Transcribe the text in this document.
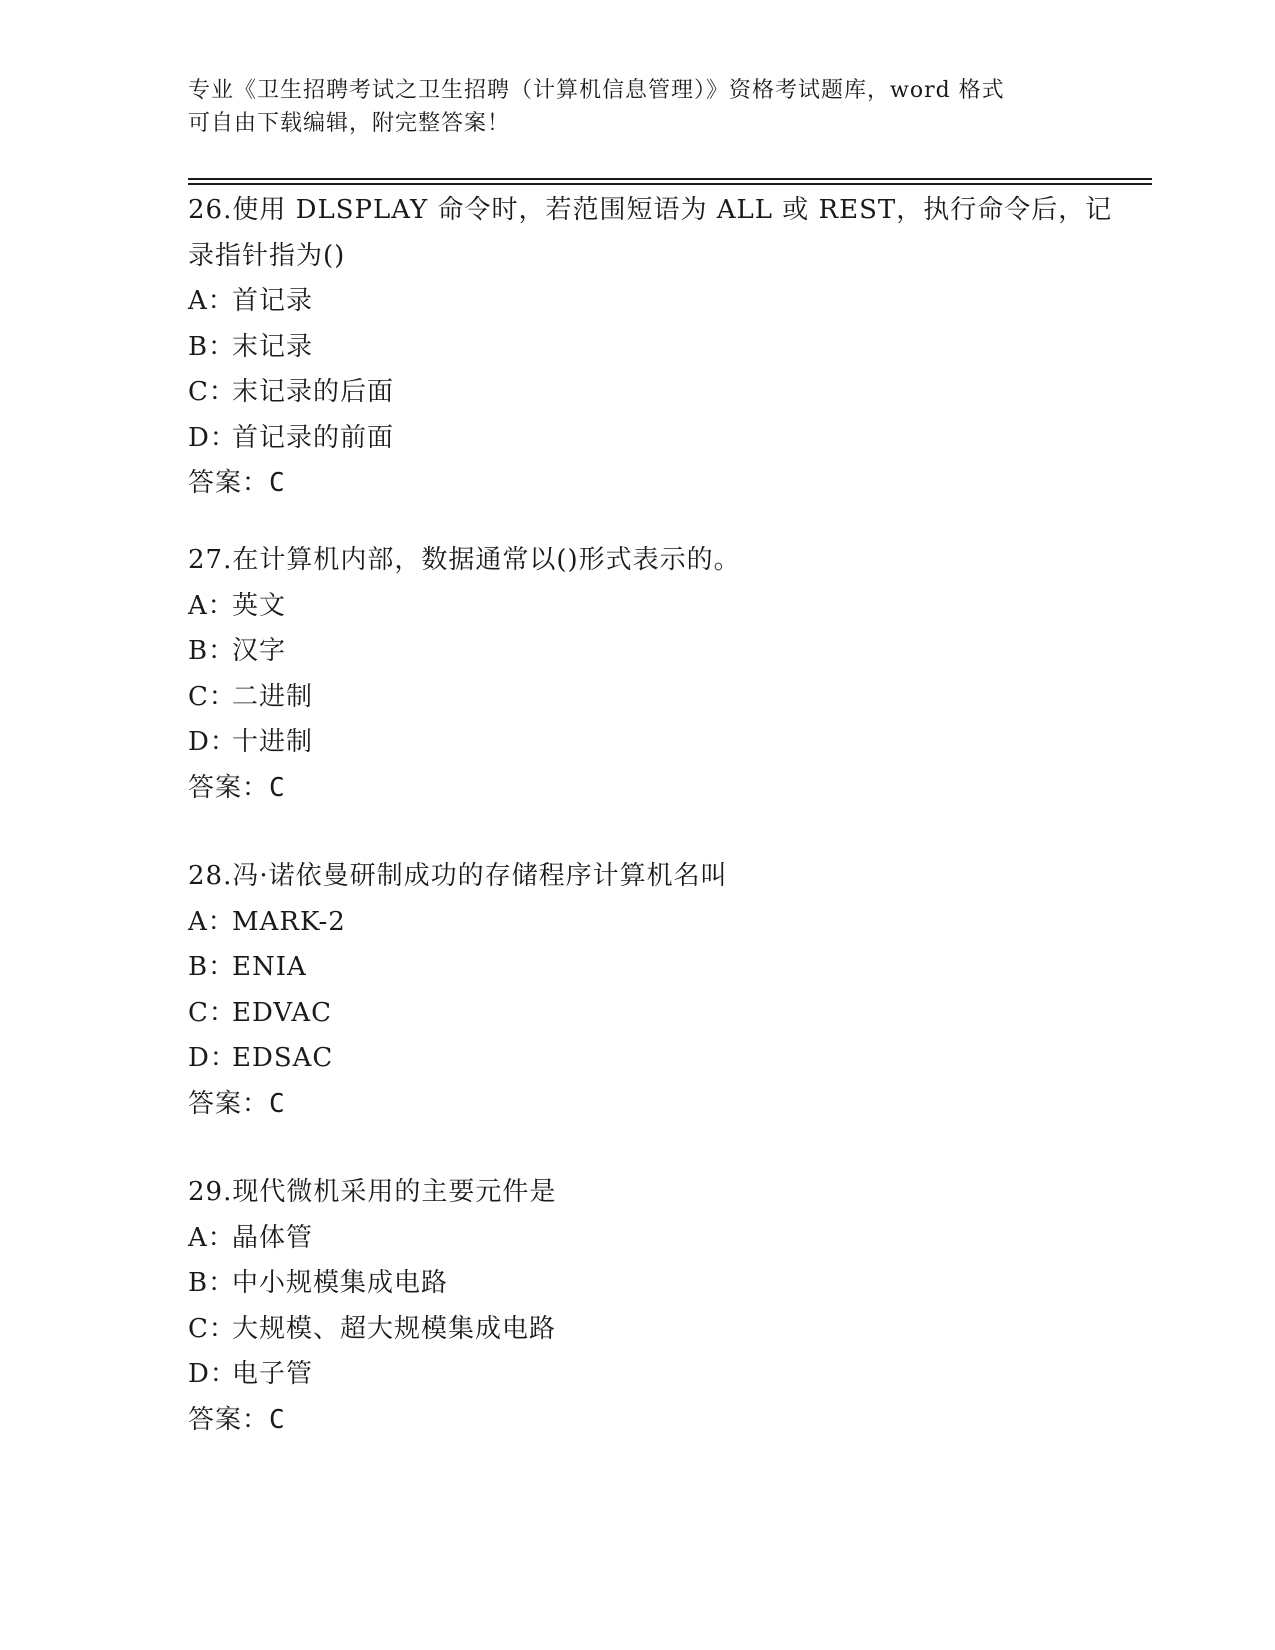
专业《卫生招聘考试之卫生招聘（计算机信息管理）》资格考试题库，word 格式
可自由下载编辑，附完整答案！
26.使用 DLSPLAY 命令时，若范围短语为 ALL 或 REST，执行命令后，记
录指针指为()
A：首记录
B：末记录
C：末记录的后面
D：首记录的前面
答案：C
27.在计算机内部，数据通常以()形式表示的。
A：英文
B：汉字
C：二进制
D：十进制
答案：C
28.冯·诺依曼研制成功的存储程序计算机名叫
A：MARK-2
B：ENIA
C：EDVAC
D：EDSAC
答案：C
29.现代微机采用的主要元件是
A：晶体管
B：中小规模集成电路
C：大规模、超大规模集成电路
D：电子管
答案：C
